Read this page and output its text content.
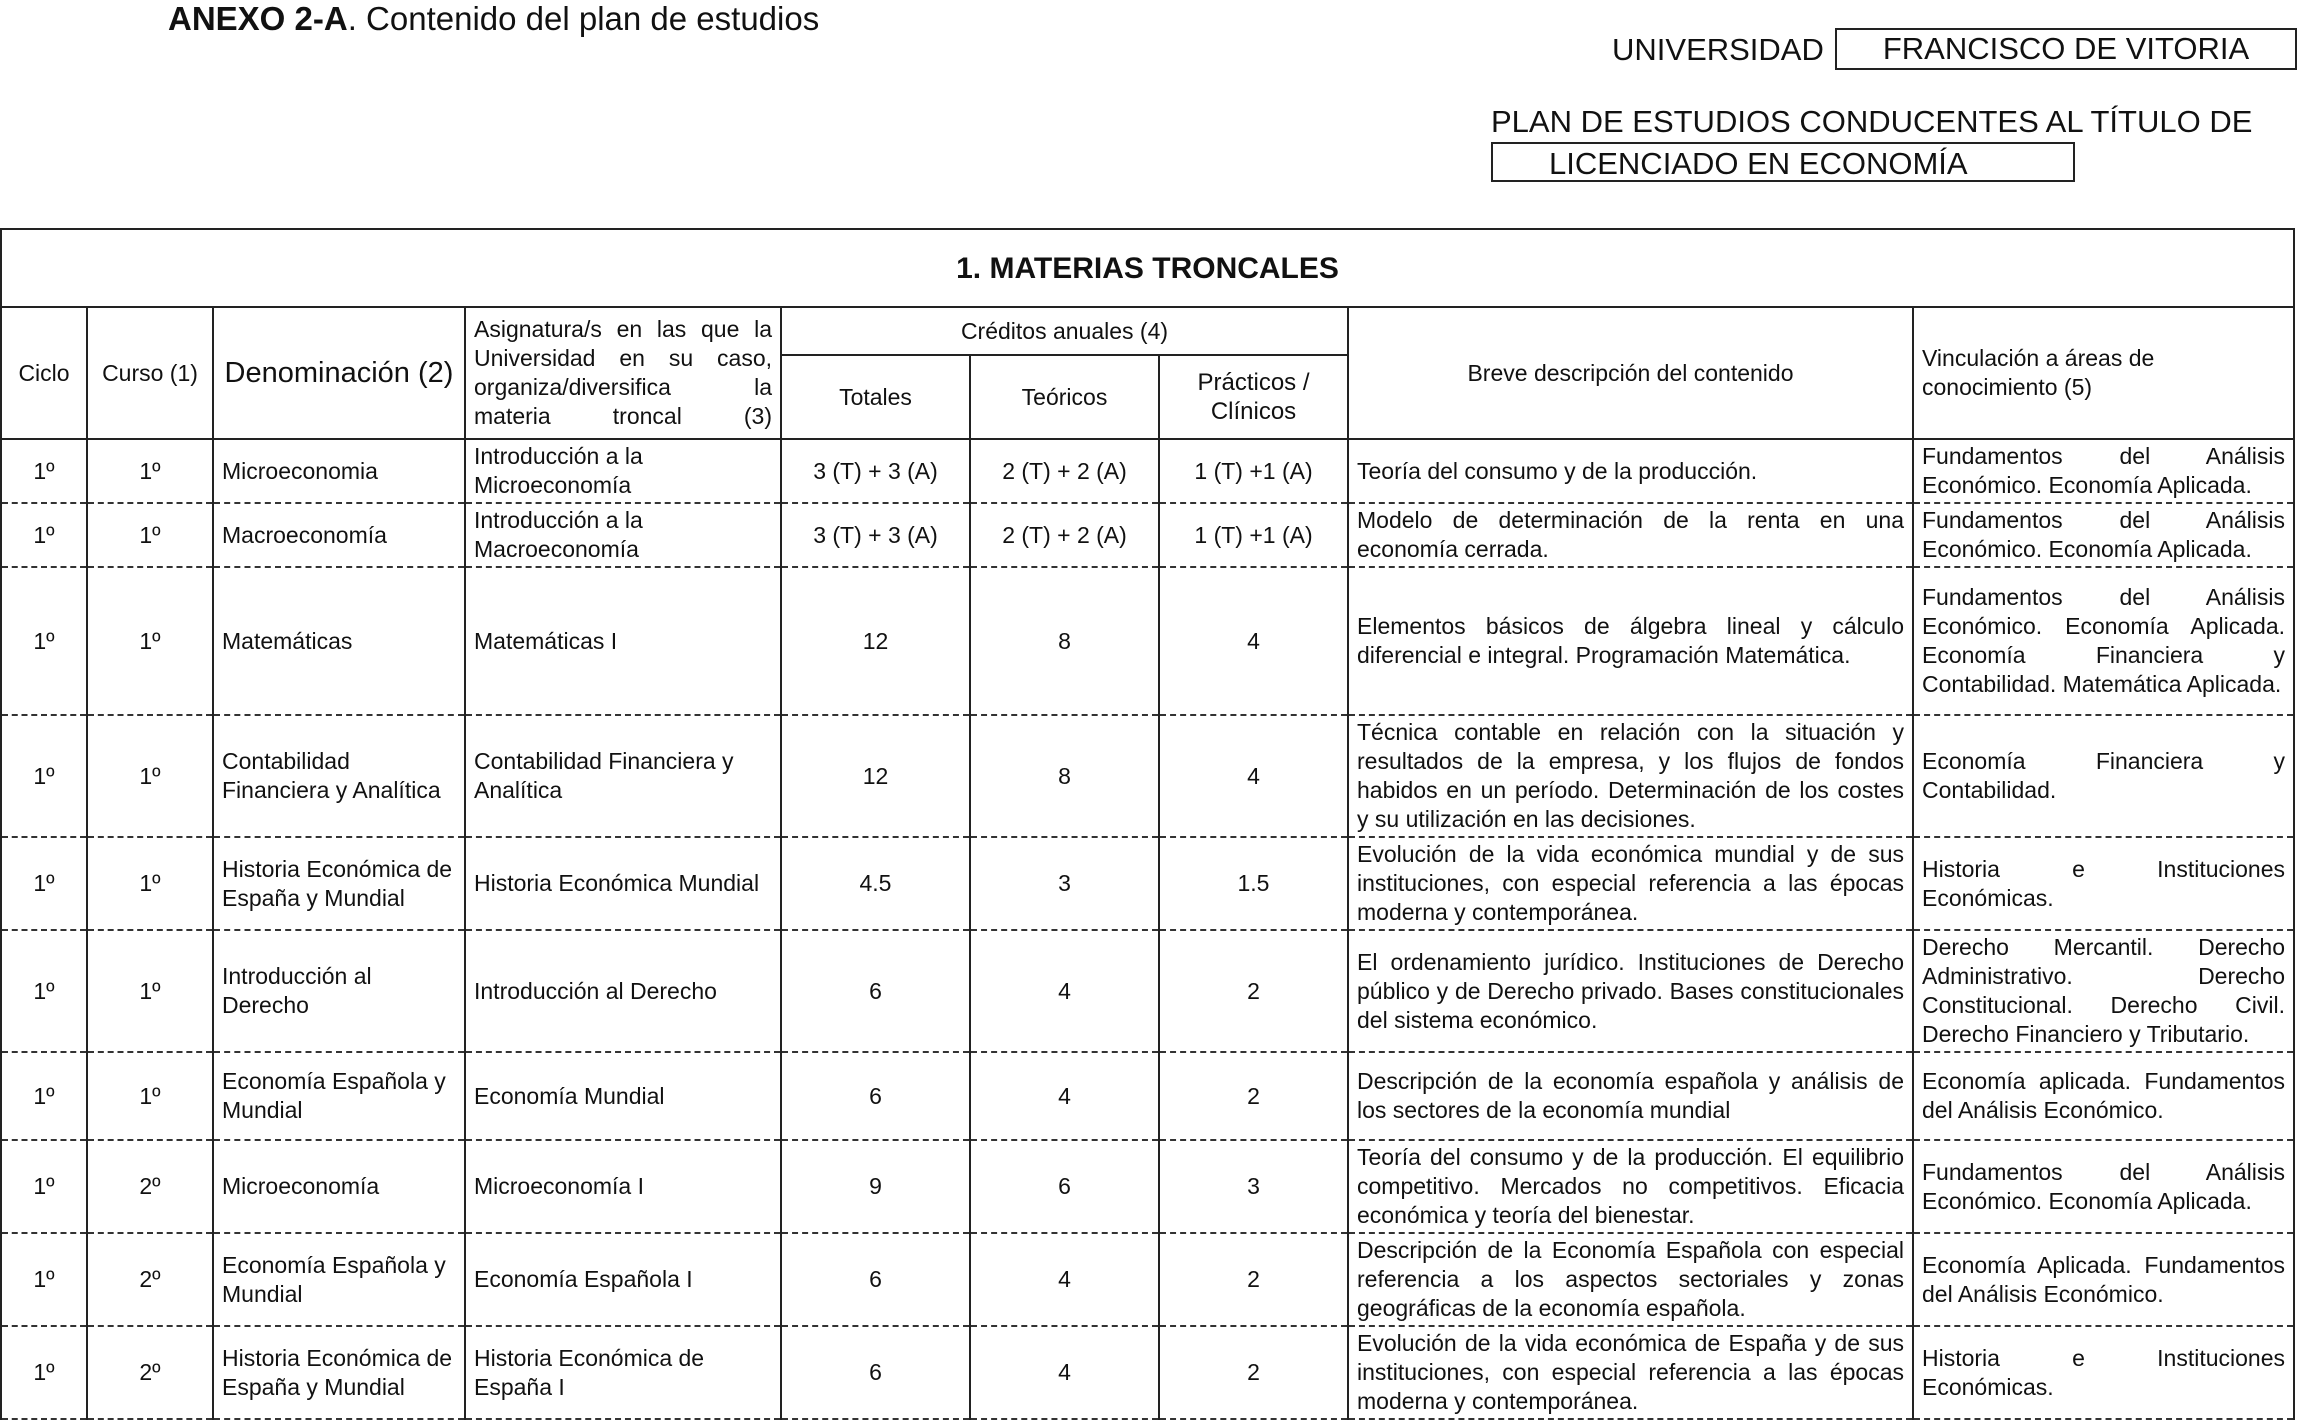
ANEXO 2-A. Contenido del plan de estudios
UNIVERSIDAD	FRANCISCO DE VITORIA
PLAN DE ESTUDIOS CONDUCENTES AL TÍTULO DE
LICENCIADO EN ECONOMÍA
1. MATERIAS TRONCALES								
Ciclo	Curso (1)	Denominación (2)	Asignatura/s en las que la Universidad en su caso, organiza/diversifica la materia troncal (3)	Créditos anuales (4)			Breve descripción del contenido	Vinculación a áreas de conocimiento (5)
				Totales	Teóricos	Prácticos / Clínicos		
1º	1º	Microeconomia	Introducción a la Microeconomía	3 (T) + 3 (A)	2 (T) + 2 (A)	1 (T) +1 (A)	Teoría del consumo y de la producción.	Fundamentos del Análisis Económico. Economía Aplicada.
1º	1º	Macroeconomía	Introducción a la Macroeconomía	3 (T) + 3 (A)	2 (T) + 2 (A)	1 (T) +1 (A)	Modelo de determinación de la renta en una economía cerrada.	Fundamentos del Análisis Económico. Economía Aplicada.
1º	1º	Matemáticas	Matemáticas I	12	8	4	Elementos básicos de álgebra lineal y cálculo diferencial e integral. Programación Matemática.	Fundamentos del Análisis Económico. Economía Aplicada. Economía Financiera y Contabilidad. Matemática Aplicada.
1º	1º	Contabilidad Financiera y Analítica	Contabilidad Financiera y Analítica	12	8	4	Técnica contable en relación con la situación y resultados de la empresa, y los flujos de fondos habidos en un período. Determinación de los costes y su utilización en las decisiones.	Economía Financiera y Contabilidad.
1º	1º	Historia Económica de España y Mundial	Historia Económica Mundial	4.5	3	1.5	Evolución de la vida económica mundial y de sus instituciones, con especial referencia a las épocas moderna y contemporánea.	Historia e Instituciones Económicas.
1º	1º	Introducción al Derecho	Introducción al Derecho	6	4	2	El ordenamiento jurídico. Instituciones de Derecho público y de Derecho privado. Bases constitucionales del sistema económico.	Derecho Mercantil. Derecho Administrativo. Derecho Constitucional. Derecho Civil. Derecho Financiero y Tributario.
1º	1º	Economía Española y Mundial	Economía Mundial	6	4	2	Descripción de la economía española y análisis de los sectores de la economía mundial	Economía aplicada. Fundamentos del Análisis Económico.
1º	2º	Microeconomía	Microeconomía I	9	6	3	Teoría del consumo y de la producción. El equilibrio competitivo. Mercados no competitivos. Eficacia económica y teoría del bienestar.	Fundamentos del Análisis Económico. Economía Aplicada.
1º	2º	Economía Española y Mundial	Economía Española I	6	4	2	Descripción de la Economía Española con especial referencia a los aspectos sectoriales y zonas geográficas de la economía española.	Economía Aplicada. Fundamentos del Análisis Económico.
1º	2º	Historia Económica de España y Mundial	Historia Económica de España I	6	4	2	Evolución de la vida económica de España y de sus instituciones, con especial referencia a las épocas moderna y contemporánea.	Historia e Instituciones Económicas.
